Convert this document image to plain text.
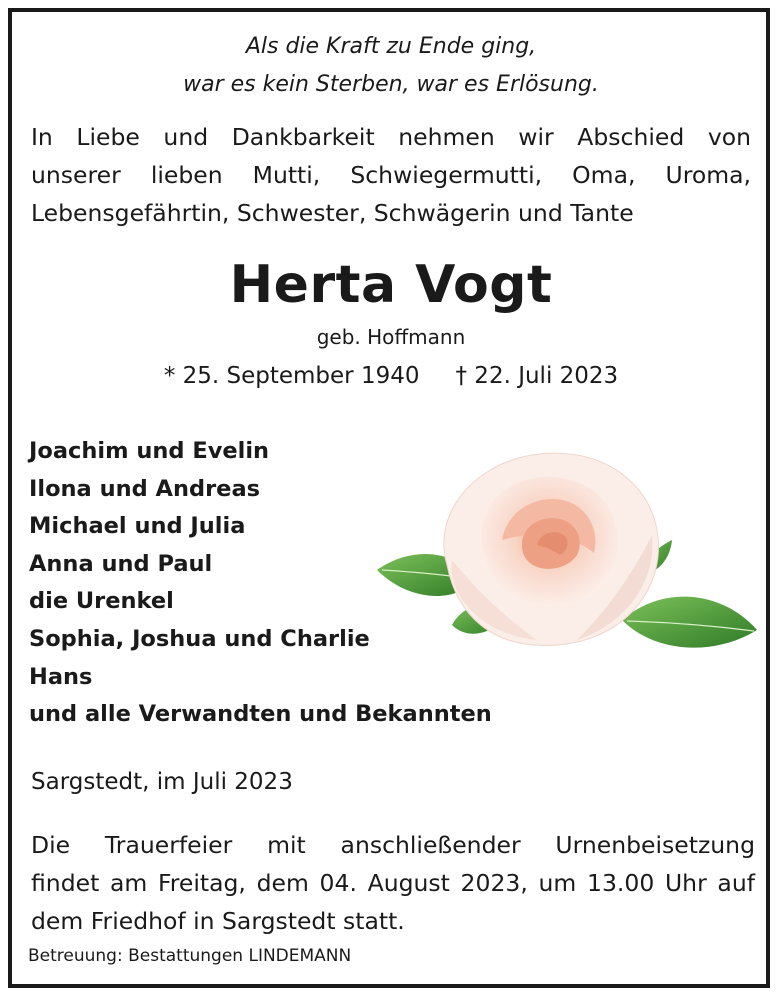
Als die Kraft zu Ende ging,
war es kein Sterben, war es Erlösung.
In Liebe und Dankbarkeit nehmen wir Abschied von
unserer lieben Mutti, Schwiegermutti, Oma, Uroma,
Lebensgefährtin, Schwester, Schwägerin und Tante
Herta Vogt
geb. Hoffmann
* 25. September 1940 † 22. Juli 2023
Joachim und Evelin
Ilona und Andreas
Michael und Julia
Anna und Paul
die Urenkel
Sophia, Joshua und Charlie
Hans
und alle Verwandten und Bekannten
Sargstedt, im Juli 2023
Die Trauerfeier mit anschließender Urnenbeisetzung
findet am Freitag, dem 04. August 2023, um 13.00 Uhr auf
dem Friedhof in Sargstedt statt.
Betreuung: Bestattungen LINDEMANN
